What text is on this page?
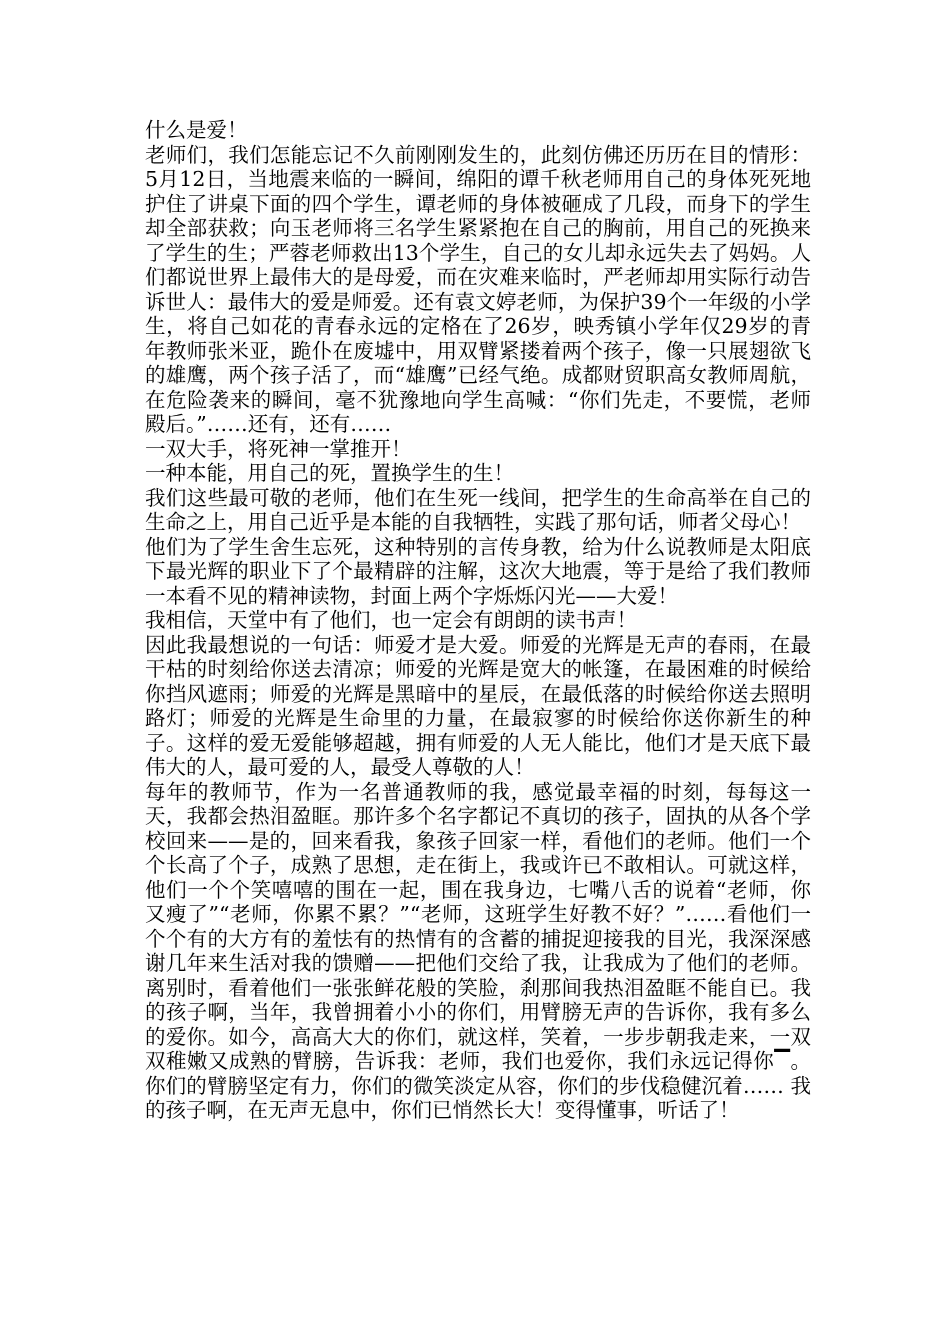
什么是爱！

老师们，我们怎能忘记不久前刚刚发生的，此刻仿佛还历历在目的情形：5月12日，当地震来临的一瞬间，绵阳的谭千秋老师用自己的身体死死地护住了讲桌下面的四个学生，谭老师的身体被砸成了几段，而身下的学生却全部获救；向玉老师将三名学生紧紧抱在自己的胸前，用自己的死换来了学生的生；严蓉老师救出13个学生，自己的女儿却永远失去了妈妈。人们都说世界上最伟大的是母爱，而在灾难来临时，严老师却用实际行动告诉世人：最伟大的爱是师爱。还有袁文婷老师，为保护39个一年级的小学生，将自己如花的青春永远的定格在了26岁，映秀镇小学年仅29岁的青年教师张米亚，跪仆在废墟中，用双臂紧搂着两个孩子，像一只展翅欲飞的雄鹰，两个孩子活了，而“雄鹰”已经气绝。成都财贸职高女教师周航，在危险袭来的瞬间，毫不犹豫地向学生高喊：“你们先走，不要慌，老师殿后。”……还有，还有……

一双大手，将死神一掌推开！

一种本能，用自己的死，置换学生的生！

我们这些最可敬的老师，他们在生死一线间，把学生的生命高举在自己的生命之上，用自己近乎是本能的自我牺牲，实践了那句话，师者父母心！

他们为了学生舍生忘死，这种特别的言传身教，给为什么说教师是太阳底下最光辉的职业下了个最精辟的注解，这次大地震，等于是给了我们教师一本看不见的精神读物，封面上两个字烁烁闪光——大爱！

我相信，天堂中有了他们，也一定会有朗朗的读书声！

因此我最想说的一句话：师爱才是大爱。师爱的光辉是无声的春雨，在最干枯的时刻给你送去清凉；师爱的光辉是宽大的帐篷，在最困难的时候给你挡风遮雨；师爱的光辉是黑暗中的星辰，在最低落的时候给你送去照明路灯；师爱的光辉是生命里的力量，在最寂寥的时候给你送你新生的种子。这样的爱无爱能够超越，拥有师爱的人无人能比，他们才是天底下最伟大的人，最可爱的人，最受人尊敬的人！

每年的教师节，作为一名普通教师的我，感觉最幸福的时刻，每每这一天，我都会热泪盈眶。那许多个名字都记不真切的孩子，固执的从各个学校回来——是的，回来看我，象孩子回家一样，看他们的老师。他们一个个长高了个子，成熟了思想，走在街上，我或许已不敢相认。可就这样，他们一个个笑嘻嘻的围在一起，围在我身边，七嘴八舌的说着“老师，你又瘦了”“老师，你累不累？”“老师，这班学生好教不好？”……看他们一个个有的大方有的羞怯有的热情有的含蓄的捕捉迎接我的目光，我深深感谢几年来生活对我的馈赠——把他们交给了我，让我成为了他们的老师。离别时，看着他们一张张鲜花般的笑脸，刹那间我热泪盈眶不能自已。我的孩子啊，当年，我曾拥着小小的你们，用臂膀无声的告诉你，我有多么的爱你。如今，高高大大的你们，就这样，笑着，一步步朝我走来，一双双稚嫩又成熟的臂膀，告诉我：老师，我们也爱你，我们永远记得你▔。你们的臂膀坚定有力，你们的微笑淡定从容，你们的步伐稳健沉着…… 我的孩子啊，在无声无息中，你们已悄然长大！变得懂事，听话了！
